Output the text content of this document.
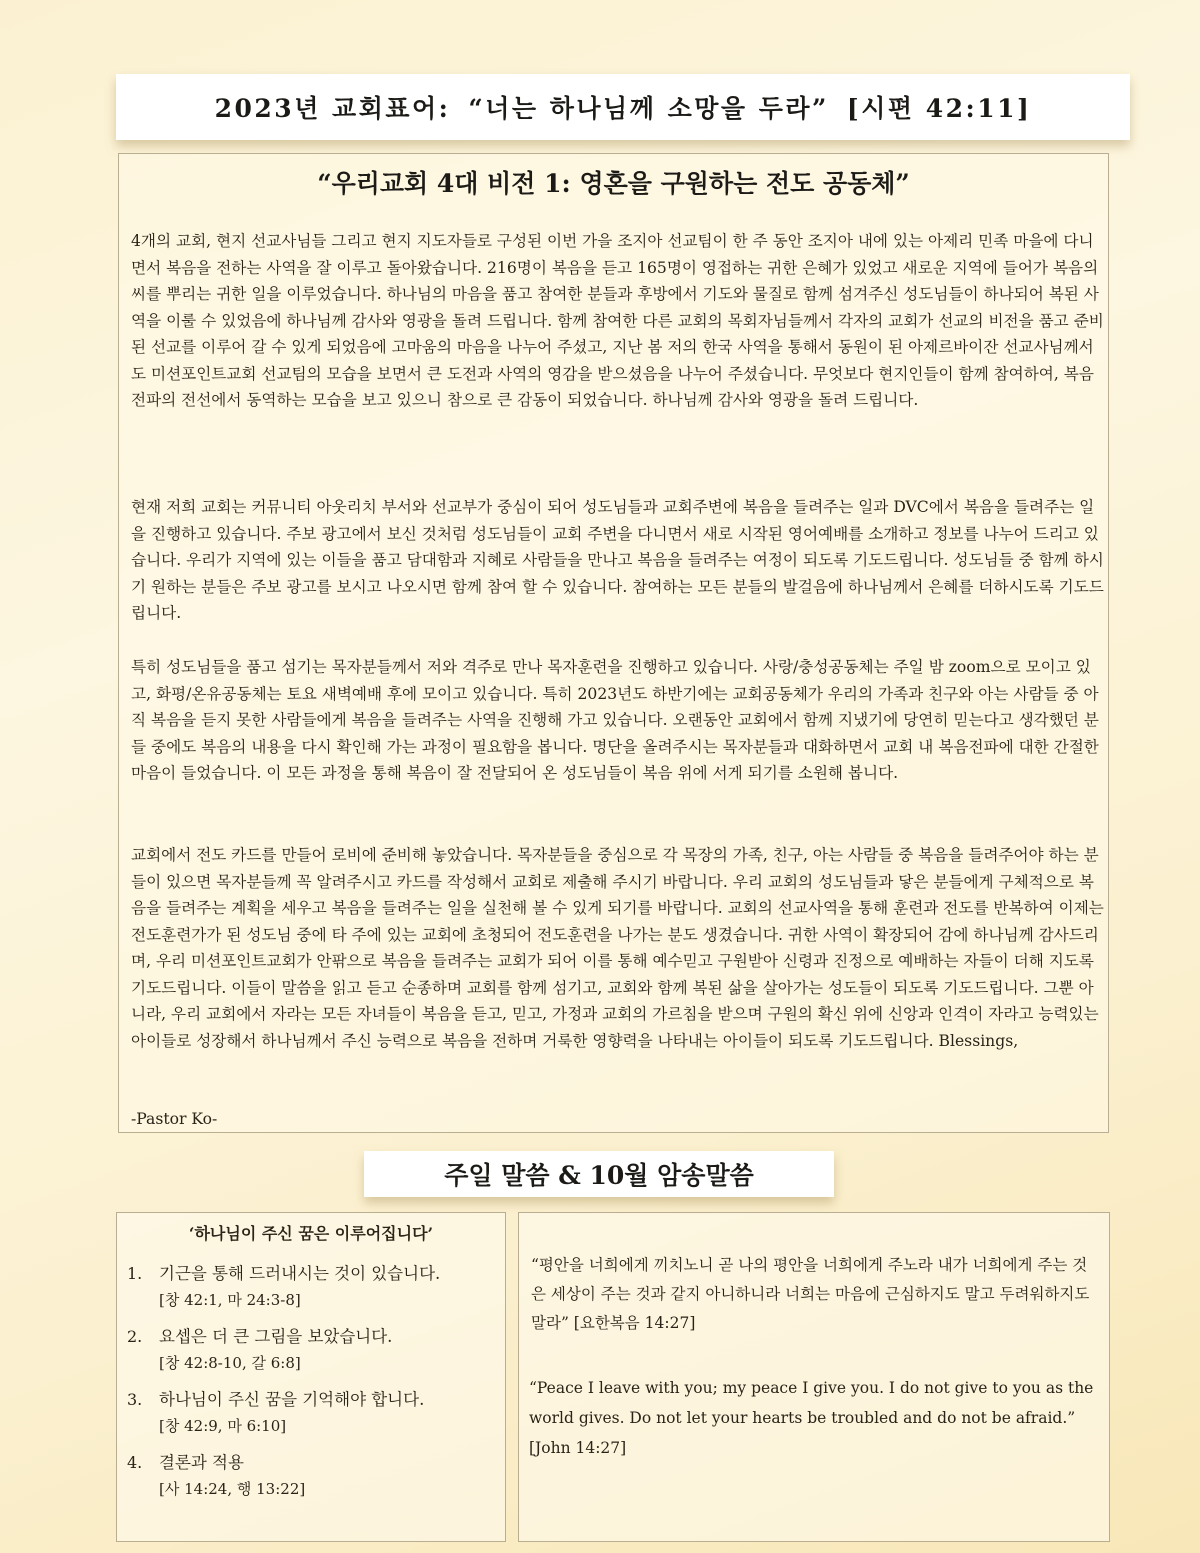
2023년 교회표어: “너는 하나님께 소망을 두라” [시편 42:11]
“우리교회 4대 비전 1: 영혼을 구원하는 전도 공동체”

4개의 교회, 현지 선교사님들 그리고 현지 지도자들로 구성된 이번 가을 조지아 선교팀이 한 주 동안 조지아 내에 있는 아제리 민족 마을에 다니면서 복음을 전하는 사역을 잘 이루고 돌아왔습니다. 216명이 복음을 듣고 165명이 영접하는 귀한 은혜가 있었고 새로운 지역에 들어가 복음의 씨를 뿌리는 귀한 일을 이루었습니다. 하나님의 마음을 품고 참여한 분들과 후방에서 기도와 물질로 함께 섬겨주신 성도님들이 하나되어 복된 사역을 이룰 수 있었음에 하나님께 감사와 영광을 돌려 드립니다. 함께 참여한 다른 교회의 목회자님들께서 각자의 교회가 선교의 비전을 품고 준비된 선교를 이루어 갈 수 있게 되었음에 고마움의 마음을 나누어 주셨고, 지난 봄 저의 한국 사역을 통해서 동원이 된 아제르바이잔 선교사님께서도 미션포인트교회 선교팀의 모습을 보면서 큰 도전과 사역의 영감을 받으셨음을 나누어 주셨습니다. 무엇보다 현지인들이 함께 참여하여, 복음 전파의 전선에서 동역하는 모습을 보고 있으니 참으로 큰 감동이 되었습니다. 하나님께 감사와 영광을 돌려 드립니다.

현재 저희 교회는 커뮤니티 아웃리치 부서와 선교부가 중심이 되어 성도님들과 교회주변에 복음을 들려주는 일과 DVC에서 복음을 들려주는 일을 진행하고 있습니다. 주보 광고에서 보신 것처럼 성도님들이 교회 주변을 다니면서 새로 시작된 영어예배를 소개하고 정보를 나누어 드리고 있습니다. 우리가 지역에 있는 이들을 품고 담대함과 지혜로 사람들을 만나고 복음을 들려주는 여정이 되도록 기도드립니다. 성도님들 중 함께 하시기 원하는 분들은 주보 광고를 보시고 나오시면 함께 참여 할 수 있습니다. 참여하는 모든 분들의 발걸음에 하나님께서 은혜를 더하시도록 기도드립니다.

특히 성도님들을 품고 섬기는 목자분들께서 저와 격주로 만나 목자훈련을 진행하고 있습니다. 사랑/충성공동체는 주일 밤 zoom으로 모이고 있고, 화평/온유공동체는 토요 새벽예배 후에 모이고 있습니다. 특히 2023년도 하반기에는 교회공동체가 우리의 가족과 친구와 아는 사람들 중 아직 복음을 듣지 못한 사람들에게 복음을 들려주는 사역을 진행해 가고 있습니다. 오랜동안 교회에서 함께 지냈기에 당연히 믿는다고 생각했던 분들 중에도 복음의 내용을 다시 확인해 가는 과정이 필요함을 봅니다. 명단을 올려주시는 목자분들과 대화하면서 교회 내 복음전파에 대한 간절한 마음이 들었습니다. 이 모든 과정을 통해 복음이 잘 전달되어 온 성도님들이 복음 위에 서게 되기를 소원해 봅니다.

교회에서 전도 카드를 만들어 로비에 준비해 놓았습니다. 목자분들을 중심으로 각 목장의 가족, 친구, 아는 사람들 중 복음을 들려주어야 하는 분들이 있으면 목자분들께 꼭 알려주시고 카드를 작성해서 교회로 제출해 주시기 바랍니다. 우리 교회의 성도님들과 닿은 분들에게 구체적으로 복음을 들려주는 계획을 세우고 복음을 들려주는 일을 실천해 볼 수 있게 되기를 바랍니다. 교회의 선교사역을 통해 훈련과 전도를 반복하여 이제는 전도훈련가가 된 성도님 중에 타 주에 있는 교회에 초청되어 전도훈련을 나가는 분도 생겼습니다. 귀한 사역이 확장되어 감에 하나님께 감사드리며, 우리 미션포인트교회가 안팎으로 복음을 들려주는 교회가 되어 이를 통해 예수믿고 구원받아 신령과 진정으로 예배하는 자들이 더해 지도록 기도드립니다. 이들이 말씀을 읽고 듣고 순종하며 교회를 함께 섬기고, 교회와 함께 복된 삶을 살아가는 성도들이 되도록 기도드립니다. 그뿐 아니라, 우리 교회에서 자라는 모든 자녀들이 복음을 듣고, 믿고, 가정과 교회의 가르침을 받으며 구원의 확신 위에 신앙과 인격이 자라고 능력있는 아이들로 성장해서 하나님께서 주신 능력으로 복음을 전하며 거룩한 영향력을 나타내는 아이들이 되도록 기도드립니다. Blessings,

-Pastor Ko-

주일 말씀 & 10월 암송말씀
‘하나님이 주신 꿈은 이루어집니다’
1. 기근을 통해 드러내시는 것이 있습니다.
[창 42:1, 마 24:3-8]
2. 요셉은 더 큰 그림을 보았습니다.
[창 42:8-10, 갈 6:8]
3. 하나님이 주신 꿈을 기억해야 합니다.
[창 42:9, 마 6:10]
4. 결론과 적용
[사 14:24, 행 13:22]

“평안을 너희에게 끼치노니 곧 나의 평안을 너희에게 주노라 내가 너희에게 주는 것은 세상이 주는 것과 같지 아니하니라 너희는 마음에 근심하지도 말고 두려워하지도 말라” [요한복음 14:27]

“Peace I leave with you; my peace I give you. I do not give to you as the world gives. Do not let your hearts be troubled and do not be afraid.” [John 14:27]
